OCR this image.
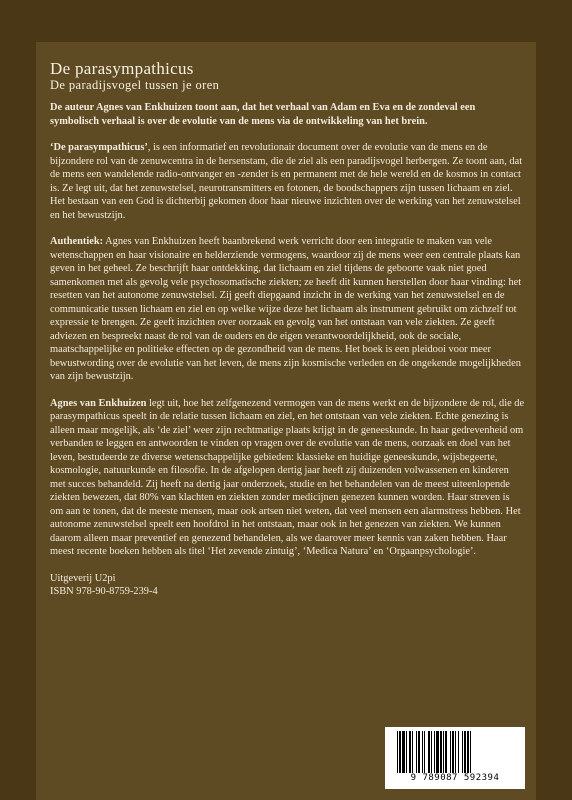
De parasympathicus
De paradijsvogel tussen je oren

De auteur Agnes van Enkhuizen toont aan, dat het verhaal van Adam en Eva en de zondeval een symbolisch verhaal is over de evolutie van de mens via de ontwikkeling van het brein.

‘De parasympathicus’, is een informatief en revolutionair document over de evolutie van de mens en de bijzondere rol van de zenuwcentra in de hersenstam, die de ziel als een paradijsvogel herbergen. Ze toont aan, dat de mens een wandelende radio-ontvanger en -zender is en permanent met de hele wereld en de kosmos in contact is. Ze legt uit, dat het zenuwstelsel, neurotransmitters en fotonen, de boodschappers zijn tussen lichaam en ziel. Het bestaan van een God is dichterbij gekomen door haar nieuwe inzichten over de werking van het zenuwstelsel en het bewustzijn.

Authentiek: Agnes van Enkhuizen heeft baanbrekend werk verricht door een integratie te maken van vele wetenschappen en haar visionaire en helderziende vermogens, waardoor zij de mens weer een centrale plaats kan geven in het geheel. Ze beschrijft haar ontdekking, dat lichaam en ziel tijdens de geboorte vaak niet goed samenkomen met als gevolg vele psychosomatische ziekten; ze heeft dit kunnen herstellen door haar vinding: het resetten van het autonome zenuwstelsel. Zij geeft diepgaand inzicht in de werking van het zenuwstelsel en de communicatie tussen lichaam en ziel en op welke wijze deze het lichaam als instrument gebruikt om zichzelf tot expressie te brengen. Ze geeft inzichten over oorzaak en gevolg van het ontstaan van vele ziekten. Ze geeft adviezen en bespreekt naast de rol van de ouders en de eigen verantwoordelijkheid, ook de sociale, maatschappelijke en politieke effecten op de gezondheid van de mens. Het boek is een pleidooi voor meer bewustwording over de evolutie van het leven, de mens zijn kosmische verleden en de ongekende mogelijkheden van zijn bewustzijn.

Agnes van Enkhuizen legt uit, hoe het zelfgenezend vermogen van de mens werkt en de bijzondere de rol, die de parasympathicus speelt in de relatie tussen lichaam en ziel, en het ontstaan van vele ziekten. Echte genezing is alleen maar mogelijk, als ‘de ziel’ weer zijn rechtmatige plaats krijgt in de geneeskunde. In haar gedrevenheid om verbanden te leggen en antwoorden te vinden op vragen over de evolutie van de mens, oorzaak en doel van het leven, bestudeerde ze diverse wetenschappelijke gebieden: klassieke en huidige geneeskunde, wijsbegeerte, kosmologie, natuurkunde en filosofie. In de afgelopen dertig jaar heeft zij duizenden volwassenen en kinderen met succes behandeld. Zij heeft na dertig jaar onderzoek, studie en het behandelen van de meest uiteenlopende ziekten bewezen, dat 80% van klachten en ziekten zonder medicijnen genezen kunnen worden. Haar streven is om aan te tonen, dat de meeste mensen, maar ook artsen niet weten, dat veel mensen een alarmstress hebben. Het autonome zenuwstelsel speelt een hoofdrol in het ontstaan, maar ook in het genezen van ziekten. We kunnen daarom alleen maar preventief en genezend behandelen, als we daarover meer kennis van zaken hebben. Haar meest recente boeken hebben als titel ‘Het zevende zintuig’, ‘Medica Natura’ en ‘Orgaanpsychologie’.

Uitgeverij U2pi

ISBN 978-90-8759-239-4

9 789087 592394
